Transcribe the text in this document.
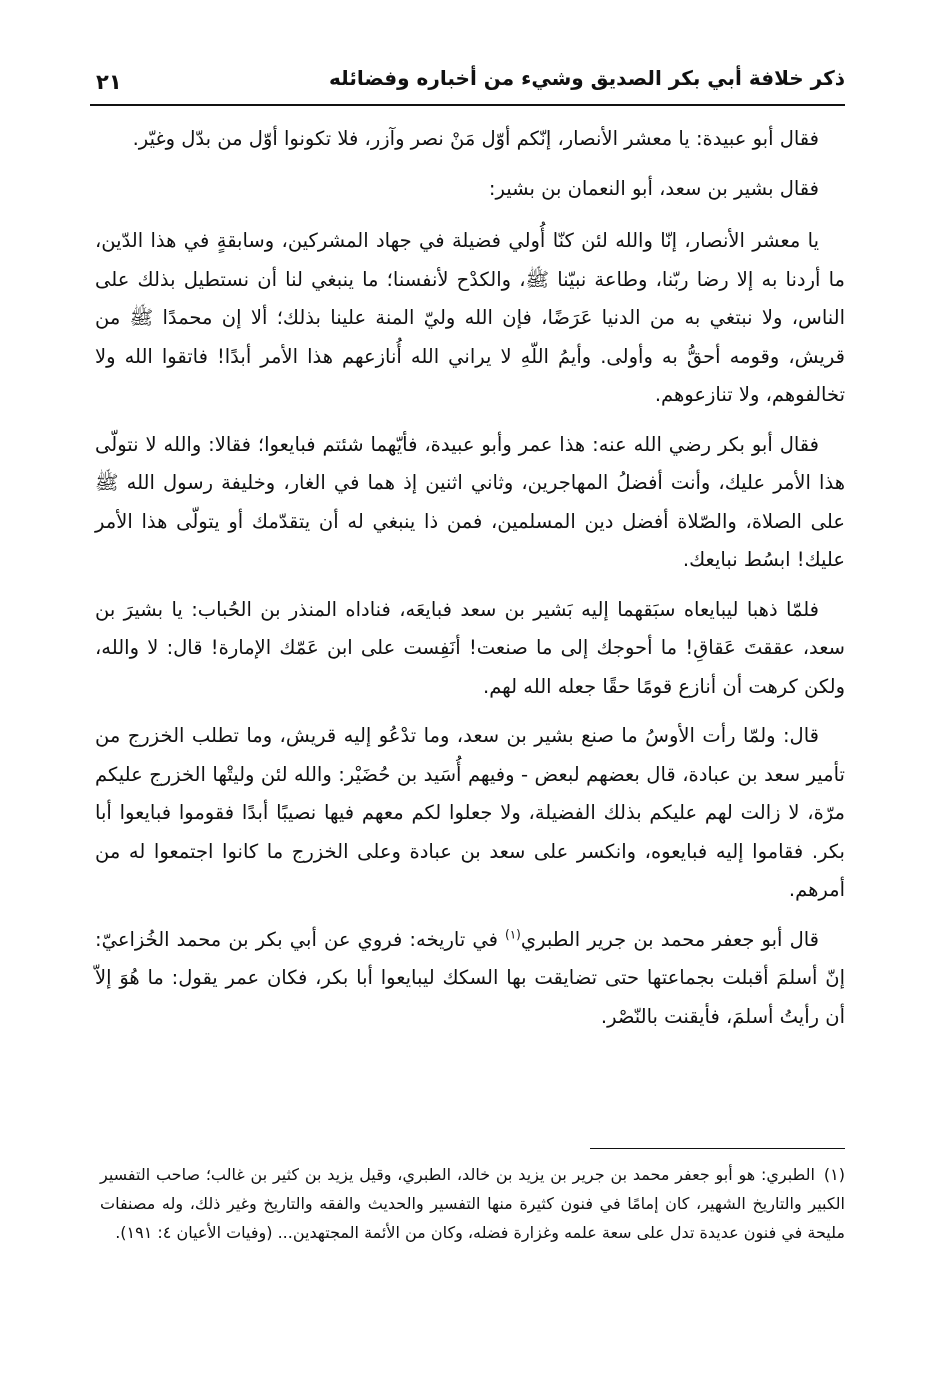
ذكر خلافة أبي بكر الصديق وشيء من أخباره وفضائله
٢١

فقال أبو عبيدة: يا معشر الأنصار، إنّكم أوّل مَنْ نصر وآزر، فلا تكونوا أوّل من بدّل وغيّر.

فقال بشير بن سعد، أبو النعمان بن بشير:

يا معشر الأنصار، إنّا والله لئن كنّا أُولي فضيلة في جهاد المشركين، وسابقةٍ في هذا الدّين، ما أردنا به إلا رضا ربّنا، وطاعة نبيّنا ﷺ، والكدْح لأنفسنا؛ ما ينبغي لنا أن نستطيل بذلك على الناس، ولا نبتغي به من الدنيا عَرَضًا، فإن الله وليّ المنة علينا بذلك؛ ألا إن محمدًا ﷺ من قريش، وقومه أحقُّ به وأولى. وأيمُ اللّهِ لا يراني الله أُنازعهم هذا الأمر أبدًا! فاتقوا الله ولا تخالفوهم، ولا تنازعوهم.

فقال أبو بكر رضي الله عنه: هذا عمر وأبو عبيدة، فأيّهما شئتم فبايعوا؛ فقالا: والله لا نتولّى هذا الأمر عليك، وأنت أفضلُ المهاجرين، وثاني اثنين إذ هما في الغار، وخليفة رسول الله ﷺ على الصلاة، والصّلاة أفضل دين المسلمين، فمن ذا ينبغي له أن يتقدّمك أو يتولّى هذا الأمر عليك! ابسُط نبايعك.

فلمّا ذهبا ليبايعاه سبَقهما إليه بَشير بن سعد فبايعَه، فناداه المنذر بن الحُباب: يا بشيرَ بن سعد، عققتَ عَقاقِ! ما أحوجك إلى ما صنعت! أنَفِست على ابن عَمّك الإمارة! قال: لا والله، ولكن كرهت أن أنازع قومًا حقًا جعله الله لهم.

قال: ولمّا رأت الأوسُ ما صنع بشير بن سعد، وما تدْعُو إليه قريش، وما تطلب الخزرج من تأمير سعد بن عبادة، قال بعضهم لبعض - وفيهم أُسَيد بن حُضَيْر: والله لئن وليتْها الخزرج عليكم مرّة، لا زالت لهم عليكم بذلك الفضيلة، ولا جعلوا لكم معهم فيها نصيبًا أبدًا فقوموا فبايعوا أبا بكر. فقاموا إليه فبايعوه، وانكسر على سعد بن عبادة وعلى الخزرج ما كانوا اجتمعوا له من أمرهم.

قال أبو جعفر محمد بن جرير الطبري$^{(١)}$ في تاريخه: فروي عن أبي بكر بن محمد الخُزاعيّ: إنّ أسلمَ أقبلت بجماعتها حتى تضايقت بها السكك ليبايعوا أبا بكر، فكان عمر يقول: ما هُوَ إلاّ أن رأيتُ أسلمَ، فأيقنت بالنّصْر.

(١)الطبري: هو أبو جعفر محمد بن جرير بن يزيد بن خالد، الطبري، وقيل يزيد بن كثير بن غالب؛ صاحب التفسير الكبير والتاريخ الشهير، كان إمامًا في فنون كثيرة منها التفسير والحديث والفقه والتاريخ وغير ذلك، وله مصنفات مليحة في فنون عديدة تدل على سعة علمه وغزارة فضله، وكان من الأئمة المجتهدين... (وفيات الأعيان ٤: ١٩١).
